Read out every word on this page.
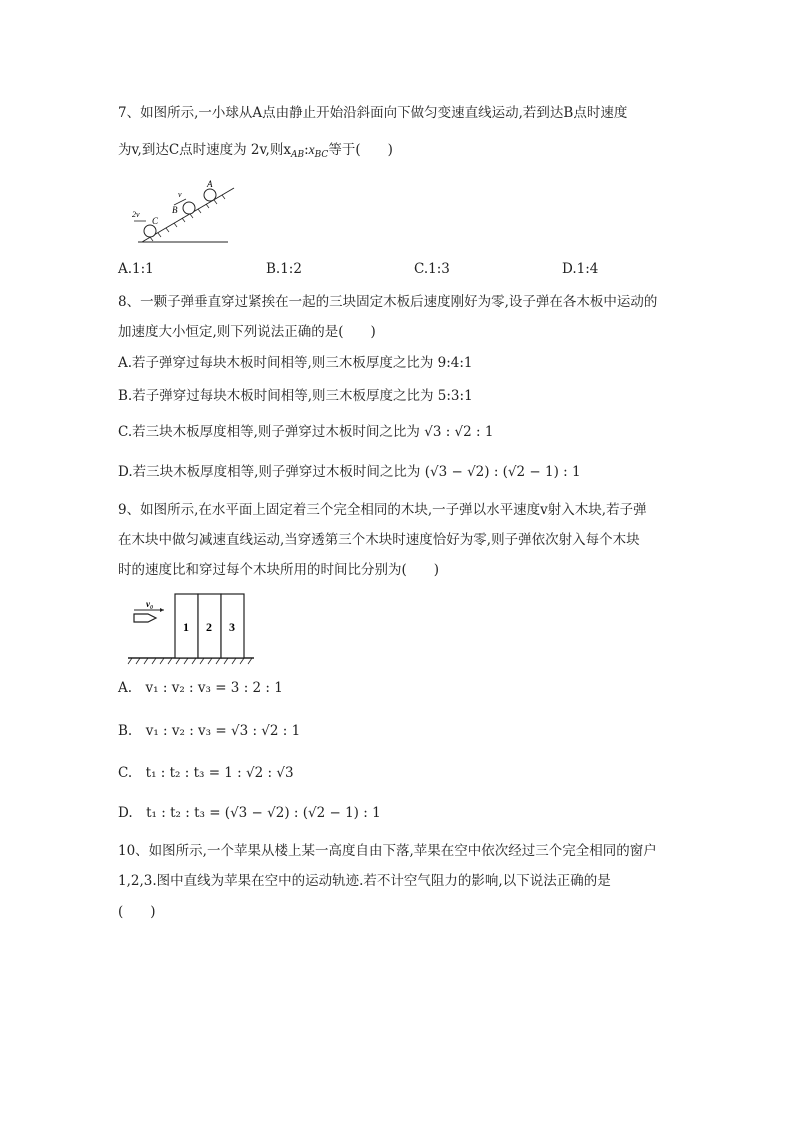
7、如图所示,一小球从A点由静止开始沿斜面向下做匀变速直线运动,若到达B点时速度
为v,到达C点时速度为 2v,则$x_{AB}:x_{BC}$等于(　　)
A
B
v
C
2v
A.1:1	B.1:2	C.1:3	D.1:4
8、一颗子弹垂直穿过紧挨在一起的三块固定木板后速度刚好为零,设子弹在各木板中运动的
加速度大小恒定,则下列说法正确的是(　　)
A.若子弹穿过每块木板时间相等,则三木板厚度之比为 9:4:1
B.若子弹穿过每块木板时间相等,则三木板厚度之比为 5:3:1
C.若三块木板厚度相等,则子弹穿过木板时间之比为 √3 : √2 : 1
D.若三块木板厚度相等,则子弹穿过木板时间之比为 (√3 − √2) : (√2 − 1) : 1
9、如图所示,在水平面上固定着三个完全相同的木块,一子弹以水平速度v射入木块,若子弹
在木块中做匀减速直线运动,当穿透第三个木块时速度恰好为零,则子弹依次射入每个木块
时的速度比和穿过每个木块所用的时间比分别为(　　)
1 2 3
v₀
A.　v₁ : v₂ : v₃ = 3 : 2 : 1
B.　v₁ : v₂ : v₃ = √3 : √2 : 1
C.　t₁ : t₂ : t₃ = 1 : √2 : √3
D.　t₁ : t₂ : t₃ = (√3 − √2) : (√2 − 1) : 1
10、如图所示,一个苹果从楼上某一高度自由下落,苹果在空中依次经过三个完全相同的窗户
1,2,3.图中直线为苹果在空中的运动轨迹.若不计空气阻力的影响,以下说法正确的是
(　　)
